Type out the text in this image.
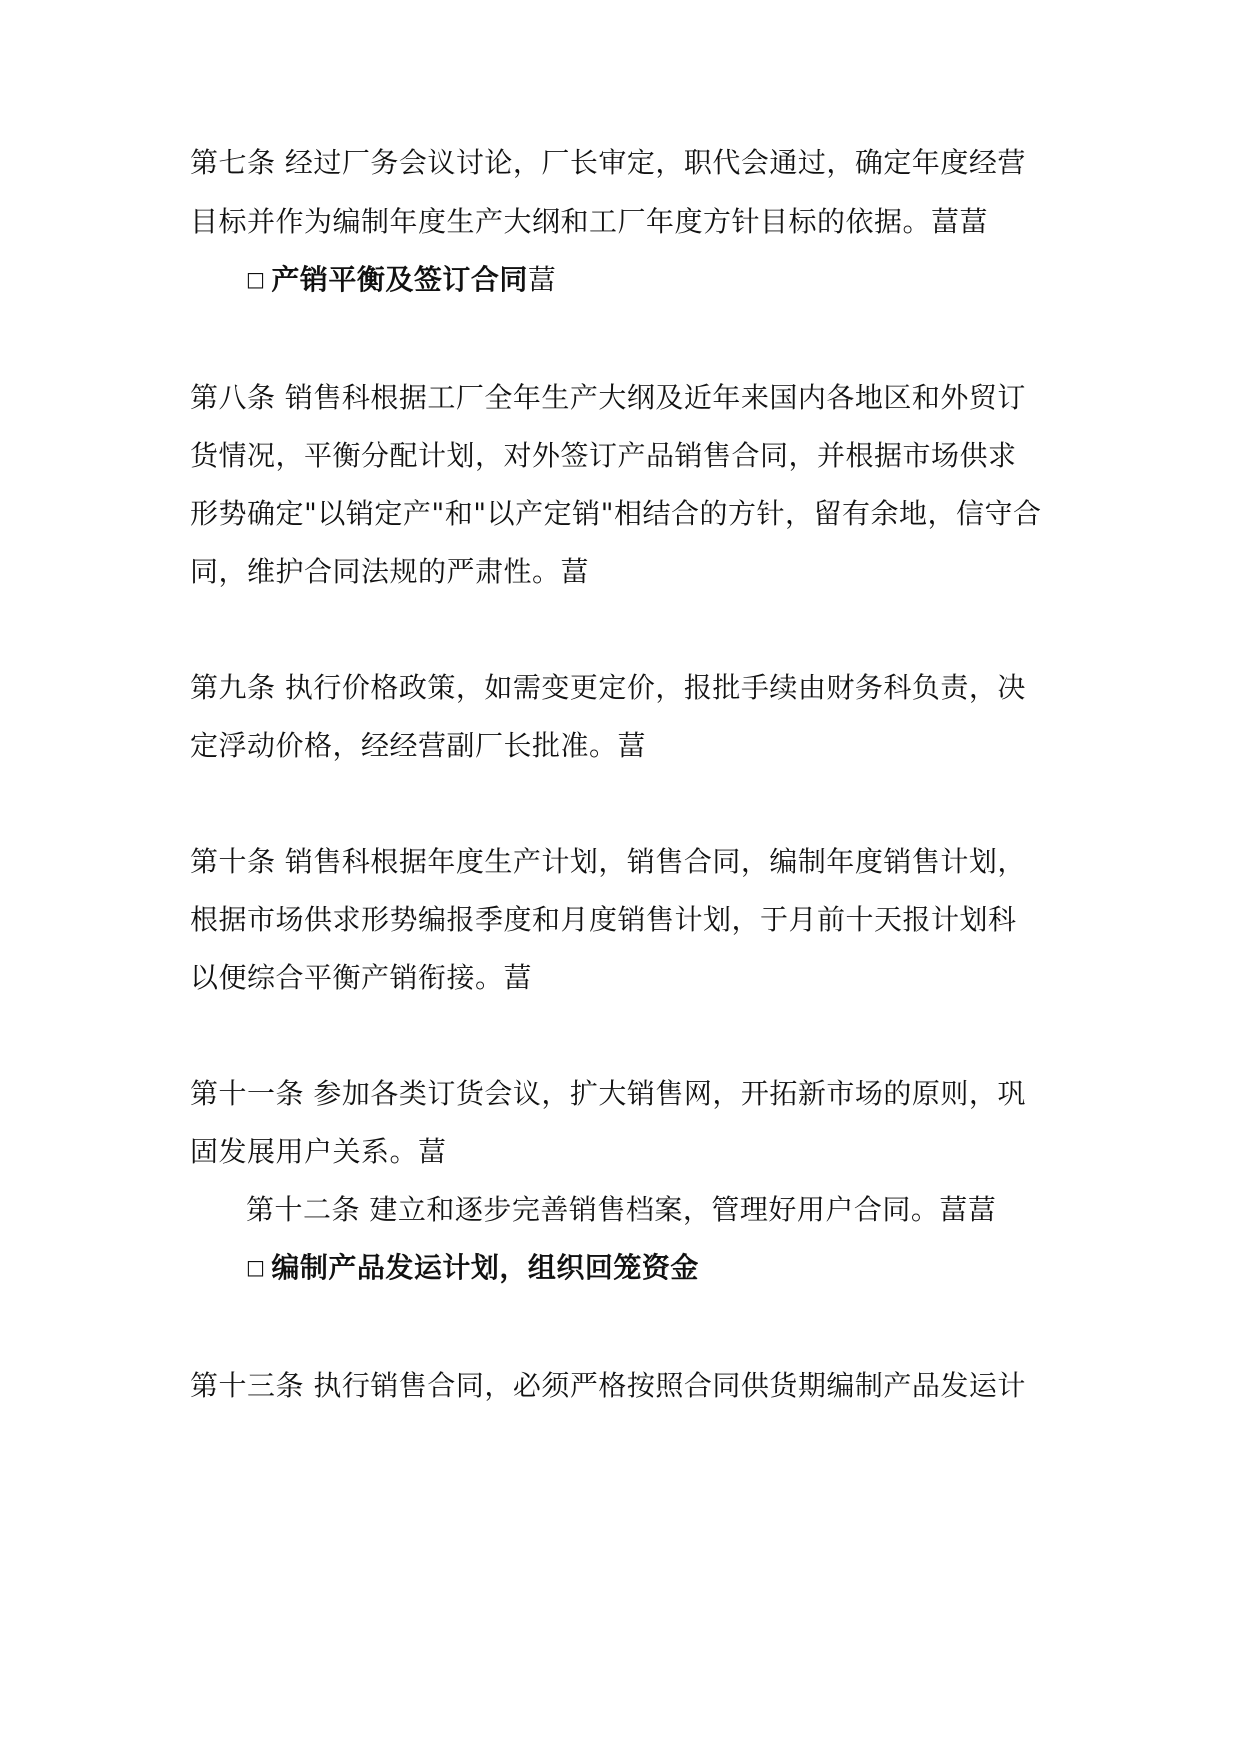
第七条 经过厂务会议讨论，厂长审定，职代会通过，确定年度经营
目标并作为编制年度生产大纲和工厂年度方针目标的依据。葍葍
□ 产销平衡及签订合同葍
第八条 销售科根据工厂全年生产大纲及近年来国内各地区和外贸订
货情况，平衡分配计划，对外签订产品销售合同，并根据市场供求
形势确定"以销定产"和"以产定销"相结合的方针，留有余地，信守合
同，维护合同法规的严肃性。葍
第九条 执行价格政策，如需变更定价，报批手续由财务科负责，决
定浮动价格，经经营副厂长批准。葍
第十条 销售科根据年度生产计划，销售合同，编制年度销售计划，
根据市场供求形势编报季度和月度销售计划，于月前十天报计划科
以便综合平衡产销衔接。葍
第十一条 参加各类订货会议，扩大销售网，开拓新市场的原则，巩
固发展用户关系。葍
第十二条 建立和逐步完善销售档案，管理好用户合同。葍葍
□ 编制产品发运计划，组织回笼资金
第十三条 执行销售合同，必须严格按照合同供货期编制产品发运计
